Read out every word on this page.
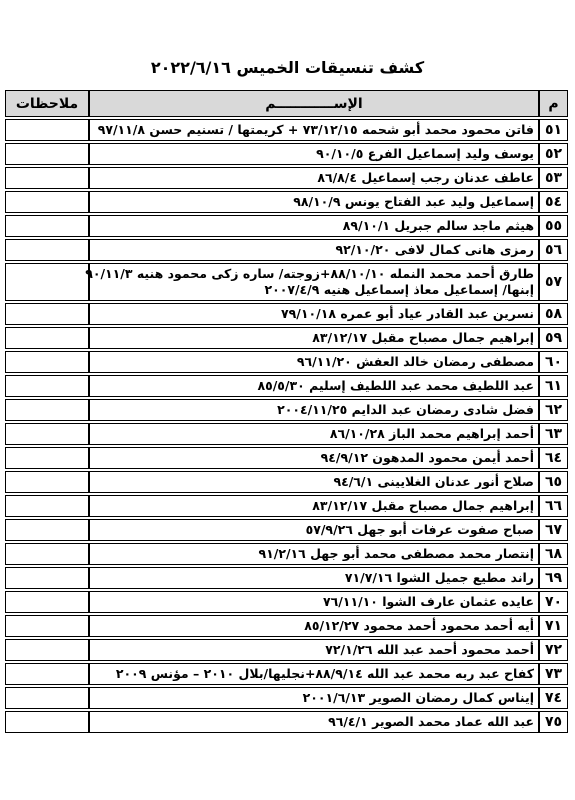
كشف تنسيقات الخميس ٢٠٢٢/٦/١٦
م	الإســــــــــــم	ملاحظات
٥١	فاتن محمود محمد أبو شحمه ٧٣/١٢/١٥ + كريمتها / تسنيم حسن ٩٧/١١/٨	

٥٢	يوسف وليد إسماعيل الفرع ٩٠/١٠/٥	

٥٣	عاطف عدنان رجب إسماعيل ٨٦/٨/٤	

٥٤	إسماعيل وليد عبد الفتاح يونس ٩٨/١٠/٩	

٥٥	هيثم ماجد سالم جبريل ٨٩/١٠/١	

٥٦	رمزى هانى كمال لافى ٩٢/١٠/٢٠	

٥٧	طارق أحمد محمد النمله ٨٨/١٠/١٠+زوجته/ ساره زكى محمود هنيه ٩٠/١١/٣
إبنها/ إسماعيل معاذ إسماعيل هنيه ٢٠٠٧/٤/٩	

٥٨	نسرين عبد القادر عياد أبو عمره ٧٩/١٠/١٨	

٥٩	إبراهيم جمال مصباح مقبل ٨٣/١٢/١٧	

٦٠	مصطفى رمضان خالد العفش ٩٦/١١/٢٠	

٦١	عبد اللطيف محمد عبد اللطيف إسليم ٨٥/٥/٣٠	

٦٢	فضل شادى رمضان عبد الدايم ٢٠٠٤/١١/٢٥	

٦٣	أحمد إبراهيم محمد الباز ٨٦/١٠/٢٨	

٦٤	أحمد أيمن محمود المدهون ٩٤/٩/١٢	

٦٥	صلاح أنور عدنان الغلايينى ٩٤/٦/١	

٦٦	إبراهيم جمال مصباح مقبل ٨٣/١٢/١٧	

٦٧	صباح صفوت عرفات أبو جهل ٥٧/٩/٢٦	

٦٨	إنتصار محمد مصطفى محمد أبو جهل ٩١/٢/١٦	

٦٩	راند مطيع جميل الشوا ٧١/٧/١٦	

٧٠	عايده عثمان عارف الشوا ٧٦/١١/١٠	

٧١	أيه أحمد محمود أحمد محمود ٨٥/١٢/٢٧	

٧٢	أحمد محمود أحمد عبد الله ٧٢/١/٢٦	

٧٣	كفاح عبد ربه محمد عبد الله ٨٨/٩/١٤+نجليها/بلال ٢٠١٠ – مؤنس ٢٠٠٩	

٧٤	إيناس كمال رمضان الصوير ٢٠٠١/٦/١٣	

٧٥	عبد الله عماد محمد الصوير ٩٦/٤/١	
